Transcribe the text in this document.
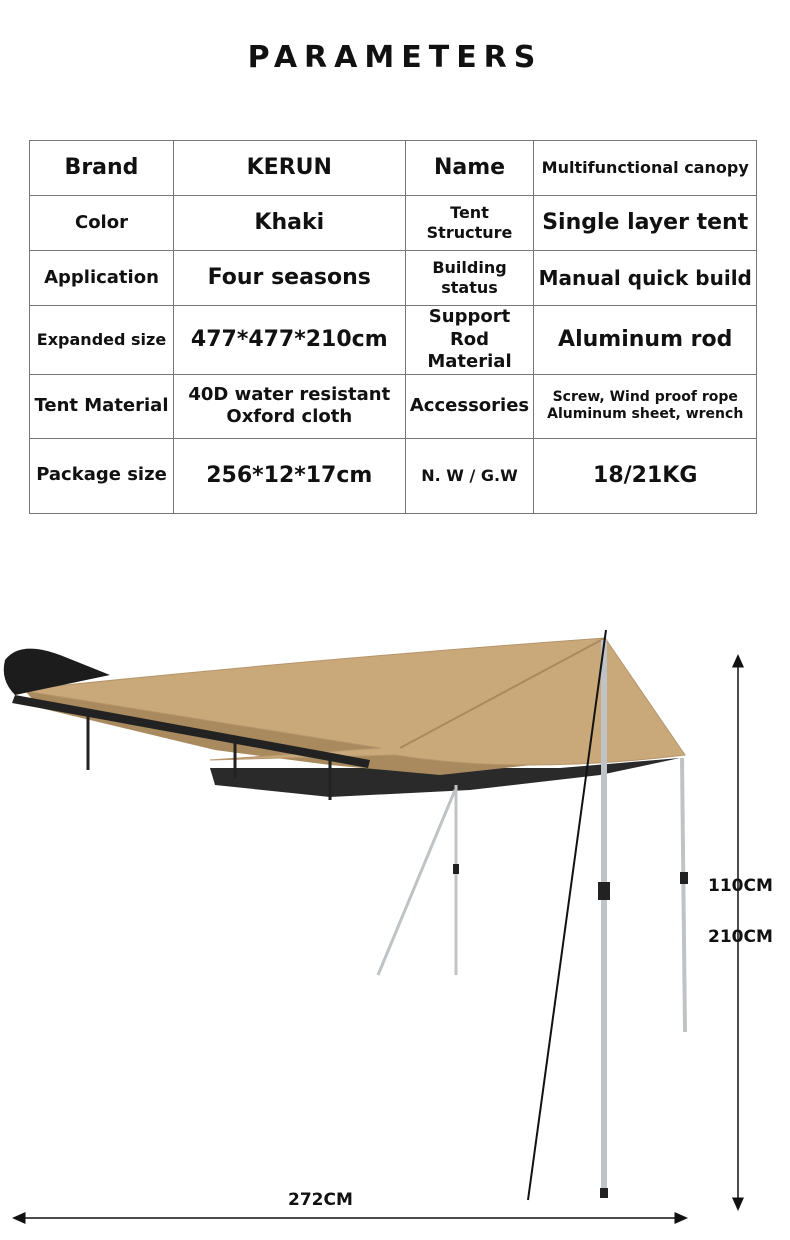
PARAMETERS
Brand	KERUN	Name	Multifunctional canopy
Color	Khaki	Tent Structure	Single layer tent
Application	Four seasons	Building status	Manual quick build
Expanded size	477*477*210cm	Support Rod Material	Aluminum rod
Tent Material	40D water resistant Oxford cloth	Accessories	Screw, Wind proof rope Aluminum sheet, wrench
Package size	256*12*17cm	N. W / G.W	18/21KG
110CM
210CM
272CM
